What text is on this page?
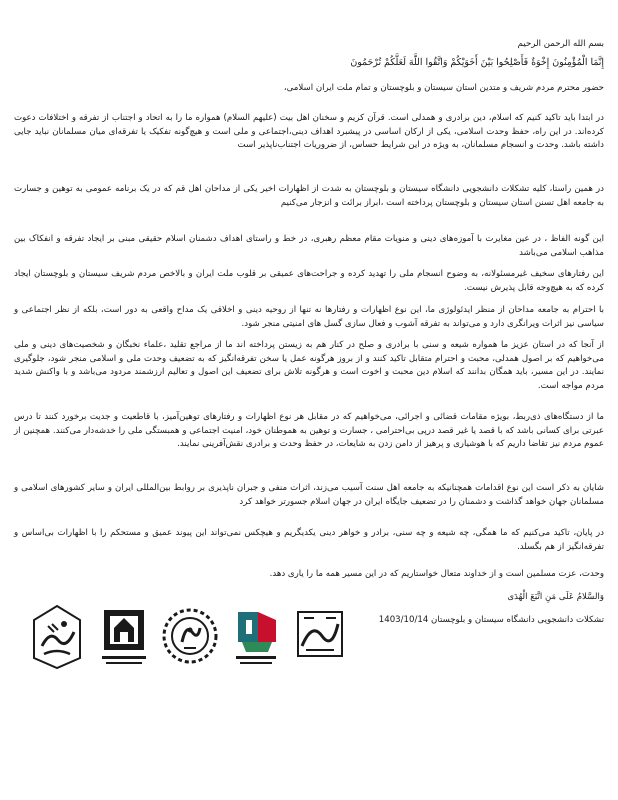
بسم الله الرحمن الرحیم
إِنَّمَا الْمُؤْمِنُونَ إِخْوَةٌ فَأَصْلِحُوا بَيْنَ أَخَوَيْكُمْ وَاتَّقُوا اللَّهَ لَعَلَّكُمْ تُرْحَمُونَ
حضور محترم مردم شریف و متدین استان سیستان و بلوچستان و تمام ملت ایران اسلامی،
در ابتدا باید تاکید کنیم که اسلام، دین برادری و همدلی است. قرآن کریم و سخنان اهل بیت (علیهم السلام) همواره ما را به اتحاد و اجتناب از تفرقه و اختلافات دعوت کرده‌اند. در این راه، حفظ وحدت اسلامی، یکی از ارکان اساسی در پیشبرد اهداف دینی،اجتماعی و ملی است و هیچ‌گونه تفکیک یا تفرقه‌ای میان مسلمانان نباید جایی داشته باشد. وحدت و انسجام مسلمانان، به ویژه در این شرایط حساس، از ضروریات اجتناب‌ناپذیر است
در همین راستا، کلیه تشکلات دانشجویی دانشگاه سیستان و بلوچستان به شدت از اظهارات اخیر یکی از مداحان اهل قم که در یک برنامه عمومی به توهین و جسارت به جامعه اهل تسنن استان سیستان و بلوچستان پرداخته است ،ابراز برائت و انزجار می‌کنیم
این گونه الفاظ ، در عین مغایرت با آموزه‌های دینی و منویات مقام معظم رهبری، در خط و راستای اهداف دشمنان اسلام حقیقی مبنی بر ایجاد تفرقه و انفکاک بین مذاهب اسلامی می‌باشد
این رفتارهای سخیف غیرمسئولانه، به وضوح انسجام ملی را تهدید کرده و جراحت‌های عمیقی بر قلوب ملت ایران و بالاخص مردم شریف سیستان و بلوچستان ایجاد کرده که به هیچ‌وجه قابل پذیرش نیست.
با احترام به جامعه مداحان از منظر ایدئولوژی ما، این نوع اظهارات و رفتارها نه تنها از روحیه دینی و اخلاقی یک مداح واقعی به دور است، بلکه از نظر اجتماعی و سیاسی نیز اثرات ویرانگری دارد و می‌تواند به تفرقه آشوب و فعال سازی گسل های امنیتی منجر شود.
از آنجا که در استان عزیز ما همواره شیعه و سنی با برادری و صلح در کنار هم به زیستن پرداخته اند ما از مراجع تقلید ،علماء نخبگان و شخصیت‌های دینی و ملی می‌خواهیم که بر اصول همدلی، محبت و احترام متقابل تاکید کنند و از بروز هرگونه عمل یا سخن تفرقه‌انگیز که به تضعیف وحدت ملی و اسلامی منجر شود، جلوگیری نمایند. در این مسیر، باید همگان بدانند که اسلام دین محبت و اخوت است و هرگونه تلاش برای تضعیف این اصول و تعالیم ارزشمند مردود می‌باشد و با واکنش شدید مردم مواجه است.
ما از دستگاه‌های ذی‌ربط، بویژه مقامات قضائی و اجرائی، می‌خواهیم که در مقابل هر نوع اظهارات و رفتارهای توهین‌آمیز، با قاطعیت و جدیت برخورد کنند تا درس عبرتی برای کسانی باشد که با قصد یا غیر قصد درپی بی‌احترامی ، جسارت و توهین به هموطنان خود، امنیت اجتماعی و همبستگی ملی را خدشه‌دار می‌کنند. همچنین از عموم مردم نیز تقاضا داریم که با هوشیاری و پرهیز از دامن زدن به شایعات، در حفظ وحدت و برادری نقش‌آفرینی نمایند.
شایان به ذکر است این نوع اقدامات همچنانیکه به جامعه اهل سنت آسیب می‌زند، اثرات منفی و جبران ناپذیری بر روابط بین‌المللی ایران و سایر کشورهای اسلامی و مسلمانان جهان خواهد گذاشت و دشمنان را در تضعیف جایگاه ایران در جهان اسلام جسورتر خواهد کرد
در پایان، تاکید می‌کنیم که ما همگی، چه شیعه و چه سنی، برادر و خواهر دینی یکدیگریم و هیچکس نمی‌تواند این پیوند عمیق و مستحکم را با اظهارات بی‌اساس و تفرقه‌انگیز از هم بگسلد.
وحدت، عزت مسلمین است و از خداوند متعال خواستاریم که در این مسیر همه ما را یاری دهد.
وَالسَّلامُ عَلَی مَنِ اتَّبَعَ الْهُدَی
تشکلات دانشجویی دانشگاه سیستان و بلوچستان 1403/10/14
